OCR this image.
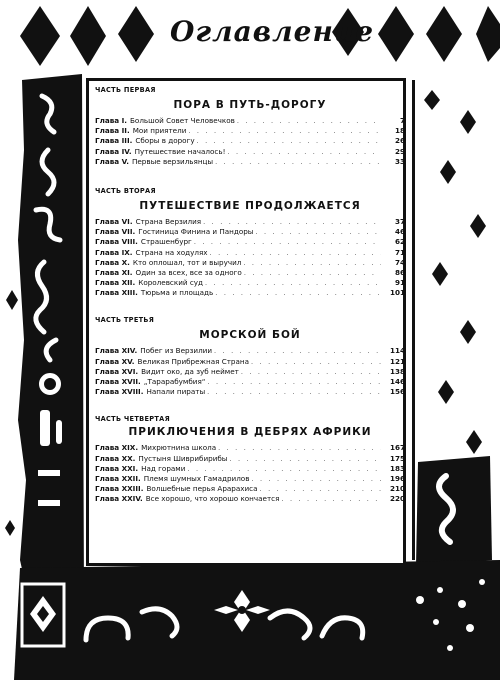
Оглавление

ЧАСТЬ ПЕРВАЯ

ПОРА В ПУТЬ-ДОРОГУ

Глава I. Большой Совет Человечков . . .	7
Глава II. Мои приятели . . .	18
Глава III. Сборы в дорогу . . .	26
Глава IV. Путешествие началось! . . .	29
Глава V. Первые верзильянцы . . .	33

ЧАСТЬ ВТОРАЯ

ПУТЕШЕСТВИЕ ПРОДОЛЖАЕТСЯ

Глава VI. Страна Верзилия . . .	37
Глава VII. Гостиница Финина и Пандоры . . .	46
Глава VIII. Страшенбург . . .	62
Глава IX. Страна на ходулях . . .	71
Глава X. Кто оплошал, тот и выручил . . .	74
Глава XI. Один за всех, все за одного . . .	86
Глава XII. Королевский суд . . .	91
Глава XIII. Тюрьма и площадь . . .	101

ЧАСТЬ ТРЕТЬЯ

МОРСКОЙ БОЙ

Глава XIV. Побег из Верзилии . . .	114
Глава XV. Великая Прибрежная Страна . . .	121
Глава XVI. Видит око, да зуб неймет . . .	138
Глава XVII. „Тарарабумбия“ . . .	146
Глава XVIII. Напали пираты . . .	156

ЧАСТЬ ЧЕТВЕРТАЯ

ПРИКЛЮЧЕНИЯ В ДЕБРЯХ АФРИКИ

Глава XIX. Михрютнина школа . . .	167
Глава XX. Пустыня Шиврибирибы . . .	175
Глава XXI. Над горами . . .	183
Глава XXII. Племя шумных Гамадрилов . . .	196
Глава XXIII. Волшебные перья Арарахиса . . .	210
Глава XXIV. Все хорошо, что хорошо кончается . . .	220
